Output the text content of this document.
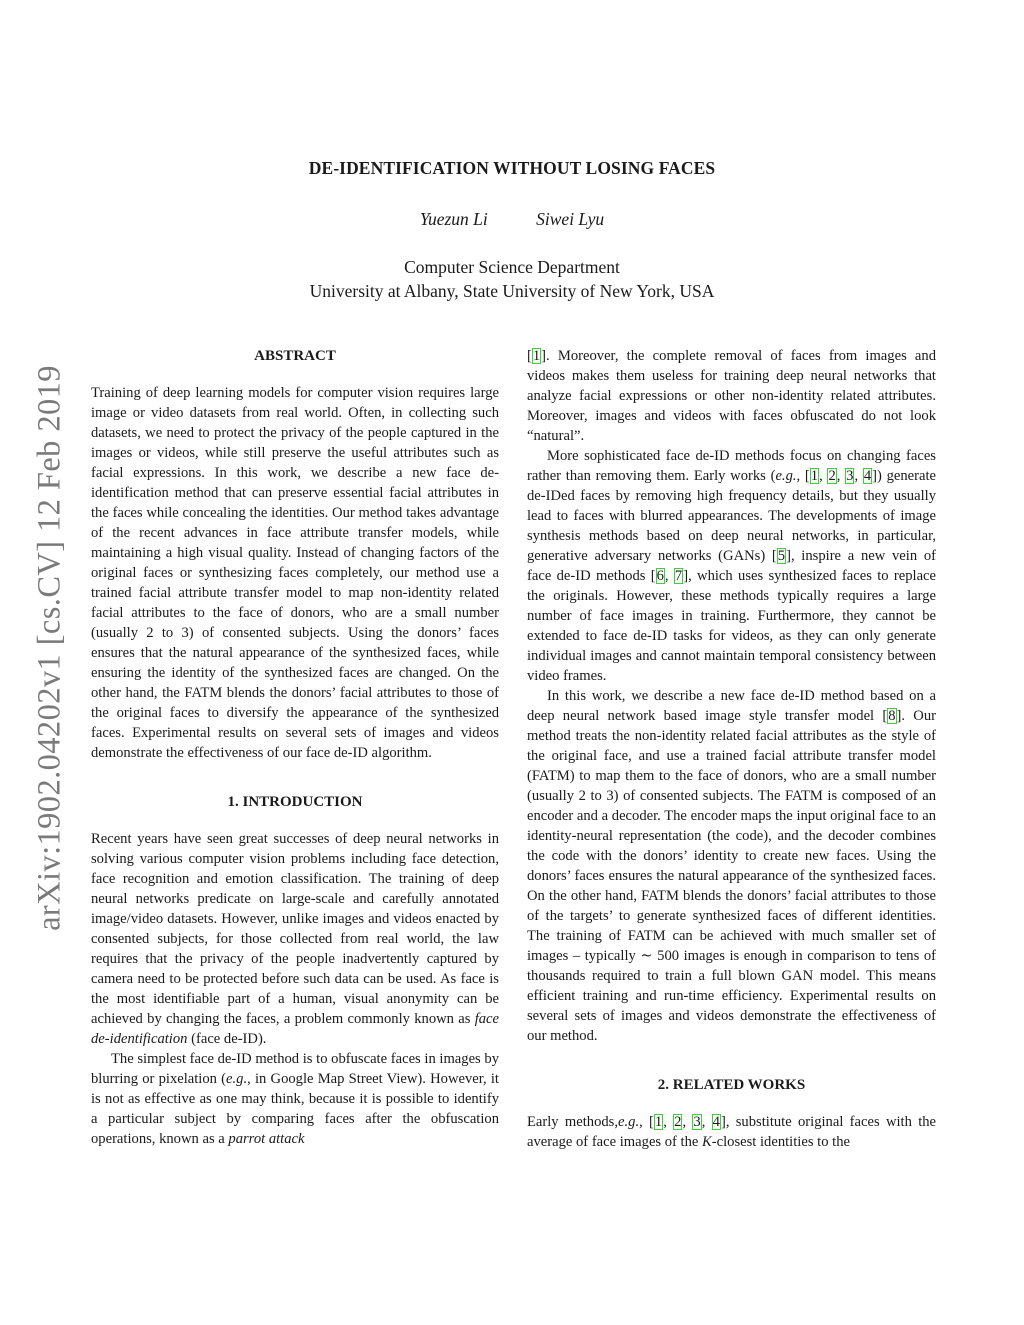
DE-IDENTIFICATION WITHOUT LOSING FACES
Yuezun Li	Siwei Lyu
Computer Science Department
University at Albany, State University of New York, USA
arXiv:1902.04202v1 [cs.CV] 12 Feb 2019
ABSTRACT

Training of deep learning models for computer vision requires large image or video datasets from real world. Often, in collecting such datasets, we need to protect the privacy of the people captured in the images or videos, while still preserve the useful attributes such as facial expressions. In this work, we describe a new face de-identification method that can preserve essential facial attributes in the faces while concealing the identities. Our method takes advantage of the recent advances in face attribute transfer models, while maintaining a high visual quality. Instead of changing factors of the original faces or synthesizing faces completely, our method use a trained facial attribute transfer model to map non-identity related facial attributes to the face of donors, who are a small number (usually 2 to 3) of consented subjects. Using the donors’ faces ensures that the natural appearance of the synthesized faces, while ensuring the identity of the synthesized faces are changed. On the other hand, the FATM blends the donors’ facial attributes to those of the original faces to diversify the appearance of the synthesized faces. Experimental results on several sets of images and videos demonstrate the effectiveness of our face de-ID algorithm.

1. INTRODUCTION

Recent years have seen great successes of deep neural networks in solving various computer vision problems including face detection, face recognition and emotion classification. The training of deep neural networks predicate on large-scale and carefully annotated image/video datasets. However, unlike images and videos enacted by consented subjects, for those collected from real world, the law requires that the privacy of the people inadvertently captured by camera need to be protected before such data can be used. As face is the most identifiable part of a human, visual anonymity can be achieved by changing the faces, a problem commonly known as face de-identification (face de-ID).

The simplest face de-ID method is to obfuscate faces in images by blurring or pixelation (e.g., in Google Map Street View). However, it is not as effective as one may think, because it is possible to identify a particular subject by comparing faces after the obfuscation operations, known as a parrot attack

[1]. Moreover, the complete removal of faces from images and videos makes them useless for training deep neural networks that analyze facial expressions or other non-identity related attributes. Moreover, images and videos with faces obfuscated do not look “natural”.

More sophisticated face de-ID methods focus on changing faces rather than removing them. Early works (e.g., [1, 2, 3, 4]) generate de-IDed faces by removing high frequency details, but they usually lead to faces with blurred appearances. The developments of image synthesis methods based on deep neural networks, in particular, generative adversary networks (GANs) [5], inspire a new vein of face de-ID methods [6, 7], which uses synthesized faces to replace the originals. However, these methods typically requires a large number of face images in training. Furthermore, they cannot be extended to face de-ID tasks for videos, as they can only generate individual images and cannot maintain temporal consistency between video frames.

In this work, we describe a new face de-ID method based on a deep neural network based image style transfer model [8]. Our method treats the non-identity related facial attributes as the style of the original face, and use a trained facial attribute transfer model (FATM) to map them to the face of donors, who are a small number (usually 2 to 3) of consented subjects. The FATM is composed of an encoder and a decoder. The encoder maps the input original face to an identity-neural representation (the code), and the decoder combines the code with the donors’ identity to create new faces. Using the donors’ faces ensures the natural appearance of the synthesized faces. On the other hand, FATM blends the donors’ facial attributes to those of the targets’ to generate synthesized faces of different identities. The training of FATM can be achieved with much smaller set of images – typically ∼ 500 images is enough in comparison to tens of thousands required to train a full blown GAN model. This means efficient training and run-time efficiency. Experimental results on several sets of images and videos demonstrate the effectiveness of our method.

2. RELATED WORKS

Early methods,e.g., [1, 2, 3, 4], substitute original faces with the average of face images of the K-closest identities to the
